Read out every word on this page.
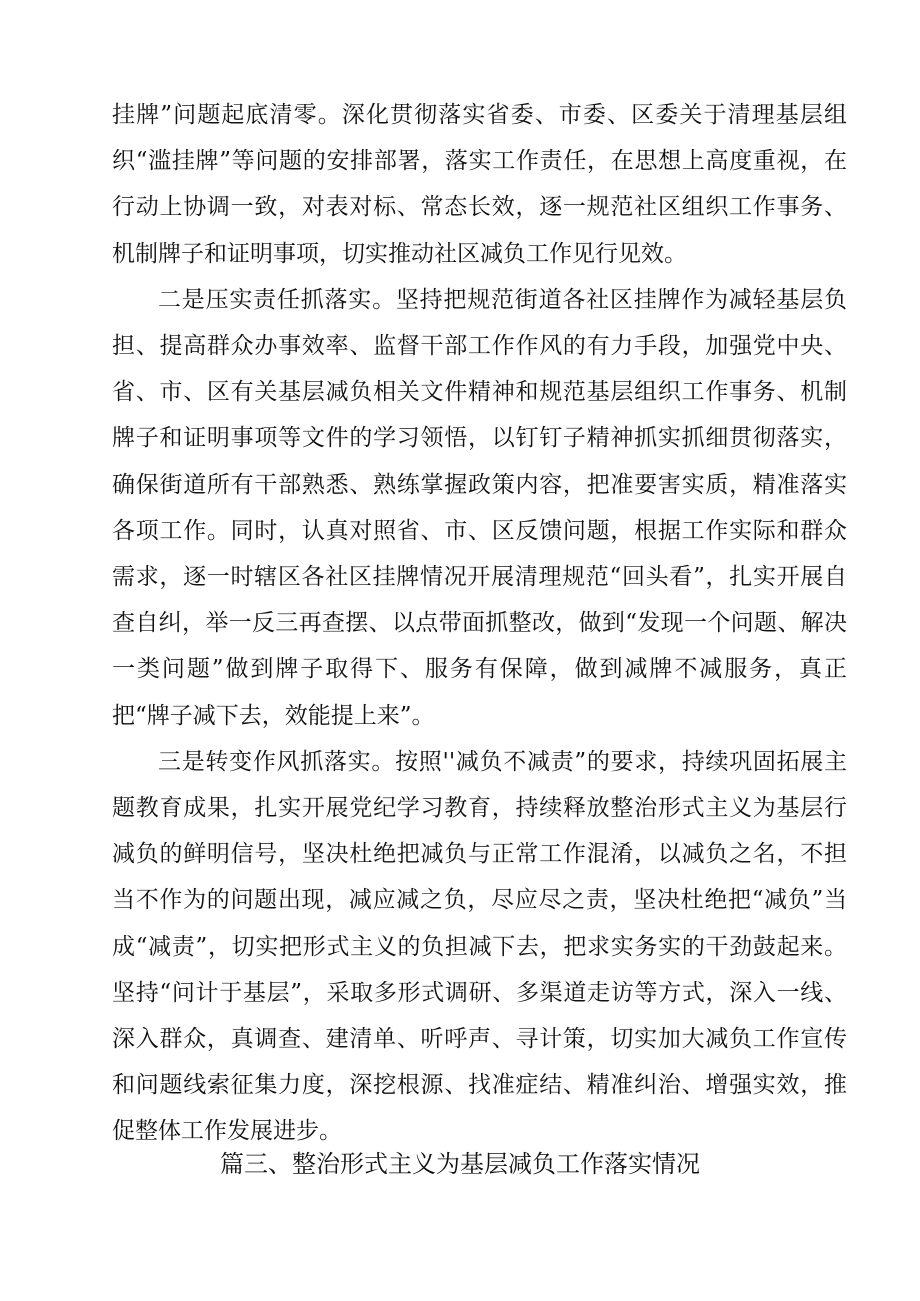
挂牌”问题起底清零。深化贯彻落实省委、市委、区委关于清理基层组织“滥挂牌”等问题的安排部署，落实工作责任，在思想上高度重视，在行动上协调一致，对表对标、常态长效，逐一规范社区组织工作事务、机制牌子和证明事项，切实推动社区减负工作见行见效。

二是压实责任抓落实。坚持把规范街道各社区挂牌作为减轻基层负担、提高群众办事效率、监督干部工作作风的有力手段，加强党中央、省、市、区有关基层减负相关文件精神和规范基层组织工作事务、机制牌子和证明事项等文件的学习领悟，以钉钉子精神抓实抓细贯彻落实，确保街道所有干部熟悉、熟练掌握政策内容，把准要害实质，精准落实各项工作。同时，认真对照省、市、区反馈问题，根据工作实际和群众需求，逐一时辖区各社区挂牌情况开展清理规范“回头看”，扎实开展自查自纠，举一反三再查摆、以点带面抓整改，做到“发现一个问题、解决一类问题”做到牌子取得下、服务有保障，做到减牌不减服务，真正把“牌子减下去，效能提上来”。

三是转变作风抓落实。按照''减负不减责”的要求，持续巩固拓展主题教育成果，扎实开展党纪学习教育，持续释放整治形式主义为基层行减负的鲜明信号，坚决杜绝把减负与正常工作混淆，以减负之名，不担当不作为的问题出现，减应减之负，尽应尽之责，坚决杜绝把“减负”当成“减责”，切实把形式主义的负担减下去，把求实务实的干劲鼓起来。坚持“问计于基层”，采取多形式调研、多渠道走访等方式，深入一线、深入群众，真调查、建清单、听呼声、寻计策，切实加大减负工作宣传和问题线索征集力度，深挖根源、找准症结、精准纠治、增强实效，推促整体工作发展进步。

篇三、整治形式主义为基层减负工作落实情况
